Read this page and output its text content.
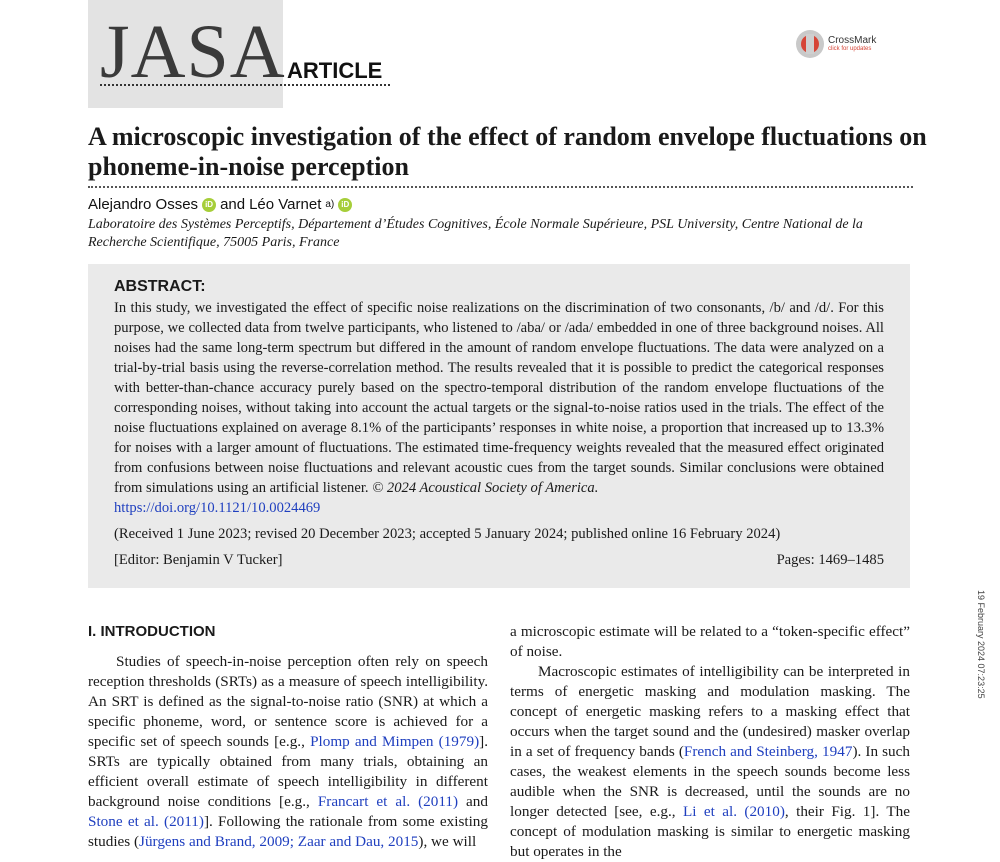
JASA ARTICLE
CrossMark
click for updates
A microscopic investigation of the effect of random envelope fluctuations on phoneme-in-noise perception
Alejandro Osses iD and Léo Varnet a) iD

Laboratoire des Systèmes Perceptifs, Département d’Études Cognitives, École Normale Supérieure, PSL University, Centre National de la Recherche Scientifique, 75005 Paris, France

ABSTRACT:

In this study, we investigated the effect of specific noise realizations on the discrimination of two consonants, /b/ and /d/. For this purpose, we collected data from twelve participants, who listened to /aba/ or /ada/ embedded in one of three background noises. All noises had the same long-term spectrum but differed in the amount of random envelope fluctuations. The data were analyzed on a trial-by-trial basis using the reverse-correlation method. The results revealed that it is possible to predict the categorical responses with better-than-chance accuracy purely based on the spectro-temporal distribution of the random envelope fluctuations of the corresponding noises, without taking into account the actual targets or the signal-to-noise ratios used in the trials. The effect of the noise fluctuations explained on average 8.1% of the participants’ responses in white noise, a proportion that increased up to 13.3% for noises with a larger amount of fluctuations. The estimated time-frequency weights revealed that the measured effect originated from confusions between noise fluctuations and relevant acoustic cues from the target sounds. Similar conclusions were obtained from simulations using an artificial listener. © 2024 Acoustical Society of America.
https://doi.org/10.1121/10.0024469

(Received 1 June 2023; revised 20 December 2023; accepted 5 January 2024; published online 16 February 2024)

[Editor: Benjamin V Tucker]	Pages: 1469–1485
19 February 2024 07:23:25
I. INTRODUCTION

Studies of speech-in-noise perception often rely on speech reception thresholds (SRTs) as a measure of speech intelligibility. An SRT is defined as the signal-to-noise ratio (SNR) at which a specific phoneme, word, or sentence score is achieved for a specific set of speech sounds [e.g., Plomp and Mimpen (1979)]. SRTs are typically obtained from many trials, obtaining an efficient overall estimate of speech intelligibility in different background noise conditions [e.g., Francart et al. (2011) and Stone et al. (2011)]. Following the rationale from some existing studies (Jürgens and Brand, 2009; Zaar and Dau, 2015), we will

a microscopic estimate will be related to a “token-specific effect” of noise.

Macroscopic estimates of intelligibility can be interpreted in terms of energetic masking and modulation masking. The concept of energetic masking refers to a masking effect that occurs when the target sound and the (undesired) masker overlap in a set of frequency bands (French and Steinberg, 1947). In such cases, the weakest elements in the speech sounds become less audible when the SNR is decreased, until the sounds are no longer detected [see, e.g., Li et al. (2010), their Fig. 1]. The concept of modulation masking is similar to energetic masking but operates in the
